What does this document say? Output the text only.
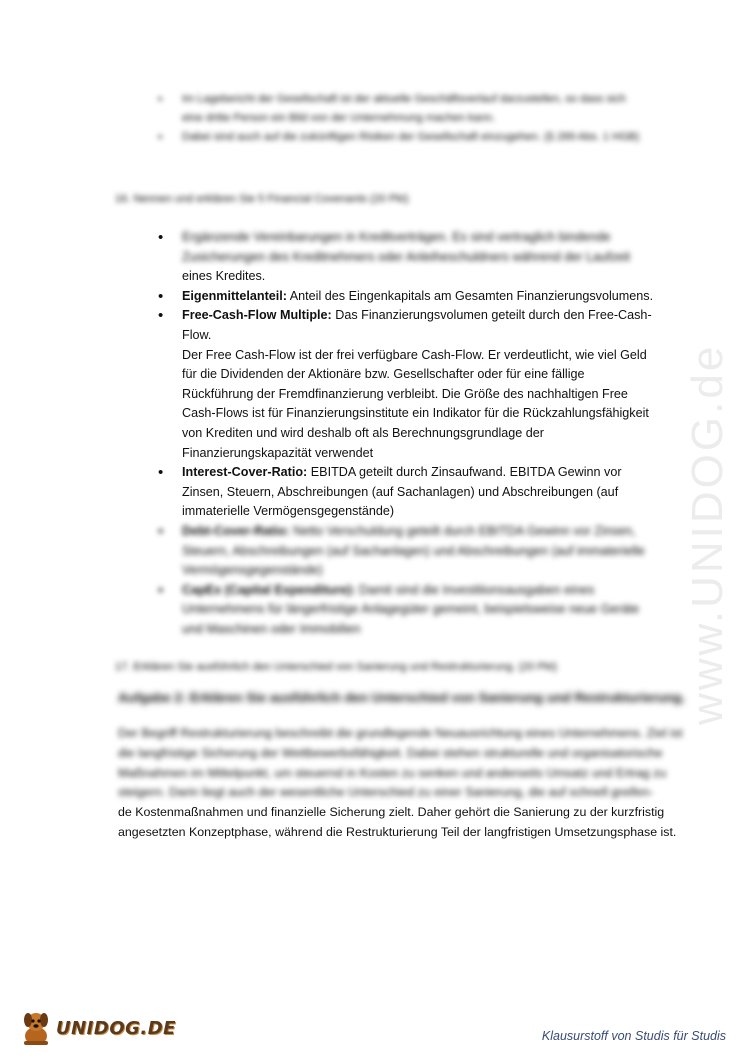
www.UNIDOG.de
• Im Lagebericht der Gesellschaft ist der aktuelle Geschäftsverlauf darzustellen, so dass sich eine dritte Person ein Bild von der Unternehmung machen kann.
• Dabei sind auch auf die zukünftigen Risiken der Gesellschaft einzugehen. (§ 289 Abs. 1 HGB)
16. Nennen und erklären Sie 5 Financial Covenants (20 Pkt)
• Ergänzende Vereinbarungen in Kreditverträgen. Es sind vertraglich bindende Zusicherungen des Kreditnehmers oder Anleiheschuldners während der Laufzeit
eines Kredites.
• Eigenmittelanteil: Anteil des Eingenkapitals am Gesamten Finanzierungsvolumens.
• Free-Cash-Flow Multiple: Das Finanzierungsvolumen geteilt durch den Free-Cash-Flow.
Der Free Cash-Flow ist der frei verfügbare Cash-Flow. Er verdeutlicht, wie viel Geld für die Dividenden der Aktionäre bzw. Gesellschafter oder für eine fällige Rückführung der Fremdfinanzierung verbleibt. Die Größe des nachhaltigen Free Cash-Flows ist für Finanzierungsinstitute ein Indikator für die Rückzahlungsfähigkeit von Krediten und wird deshalb oft als Berechnungsgrundlage der Finanzierungskapazität verwendet
• Interest-Cover-Ratio: EBITDA geteilt durch Zinsaufwand. EBITDA Gewinn vor Zinsen, Steuern, Abschreibungen (auf Sachanlagen) und Abschreibungen (auf immaterielle Vermögensgegenstände)
• Debt-Cover-Ratio: Netto Verschuldung geteilt durch EBITDA Gewinn vor Zinsen, Steuern, Abschreibungen (auf Sachanlagen) und Abschreibungen (auf immaterielle Vermögensgegenstände)
• CapEx (Capital Expenditure): Damit sind die Investitionsausgaben eines Unternehmens für längerfristige Anlagegüter gemeint, beispielsweise neue Geräte und Maschinen oder Immobilien
17. Erklären Sie ausführlich den Unterschied von Sanierung und Restrukturierung. (20 Pkt)
Aufgabe 2: Erklären Sie ausführlich den Unterschied von Sanierung und Restrukturierung.
Der Begriff Restrukturierung beschreibt die grundlegende Neuausrichtung eines Unternehmens. Ziel ist die langfristige Sicherung der Wettbewerbsfähigkeit. Dabei stehen strukturelle und organisatorische Maßnahmen im Mittelpunkt, um steuernd in Kosten zu senken und anderseits Umsatz und Ertrag zu steigern. Darin liegt auch der wesentliche Unterschied zu einer Sanierung, die auf schnell greifen-
de Kostenmaßnahmen und finanzielle Sicherung zielt. Daher gehört die Sanierung zu der kurzfristig angesetzten Konzeptphase, während die Restrukturierung Teil der langfristigen Umsetzungsphase ist.
UNIDOG.DE	Klausurstoff von Studis für Studis
